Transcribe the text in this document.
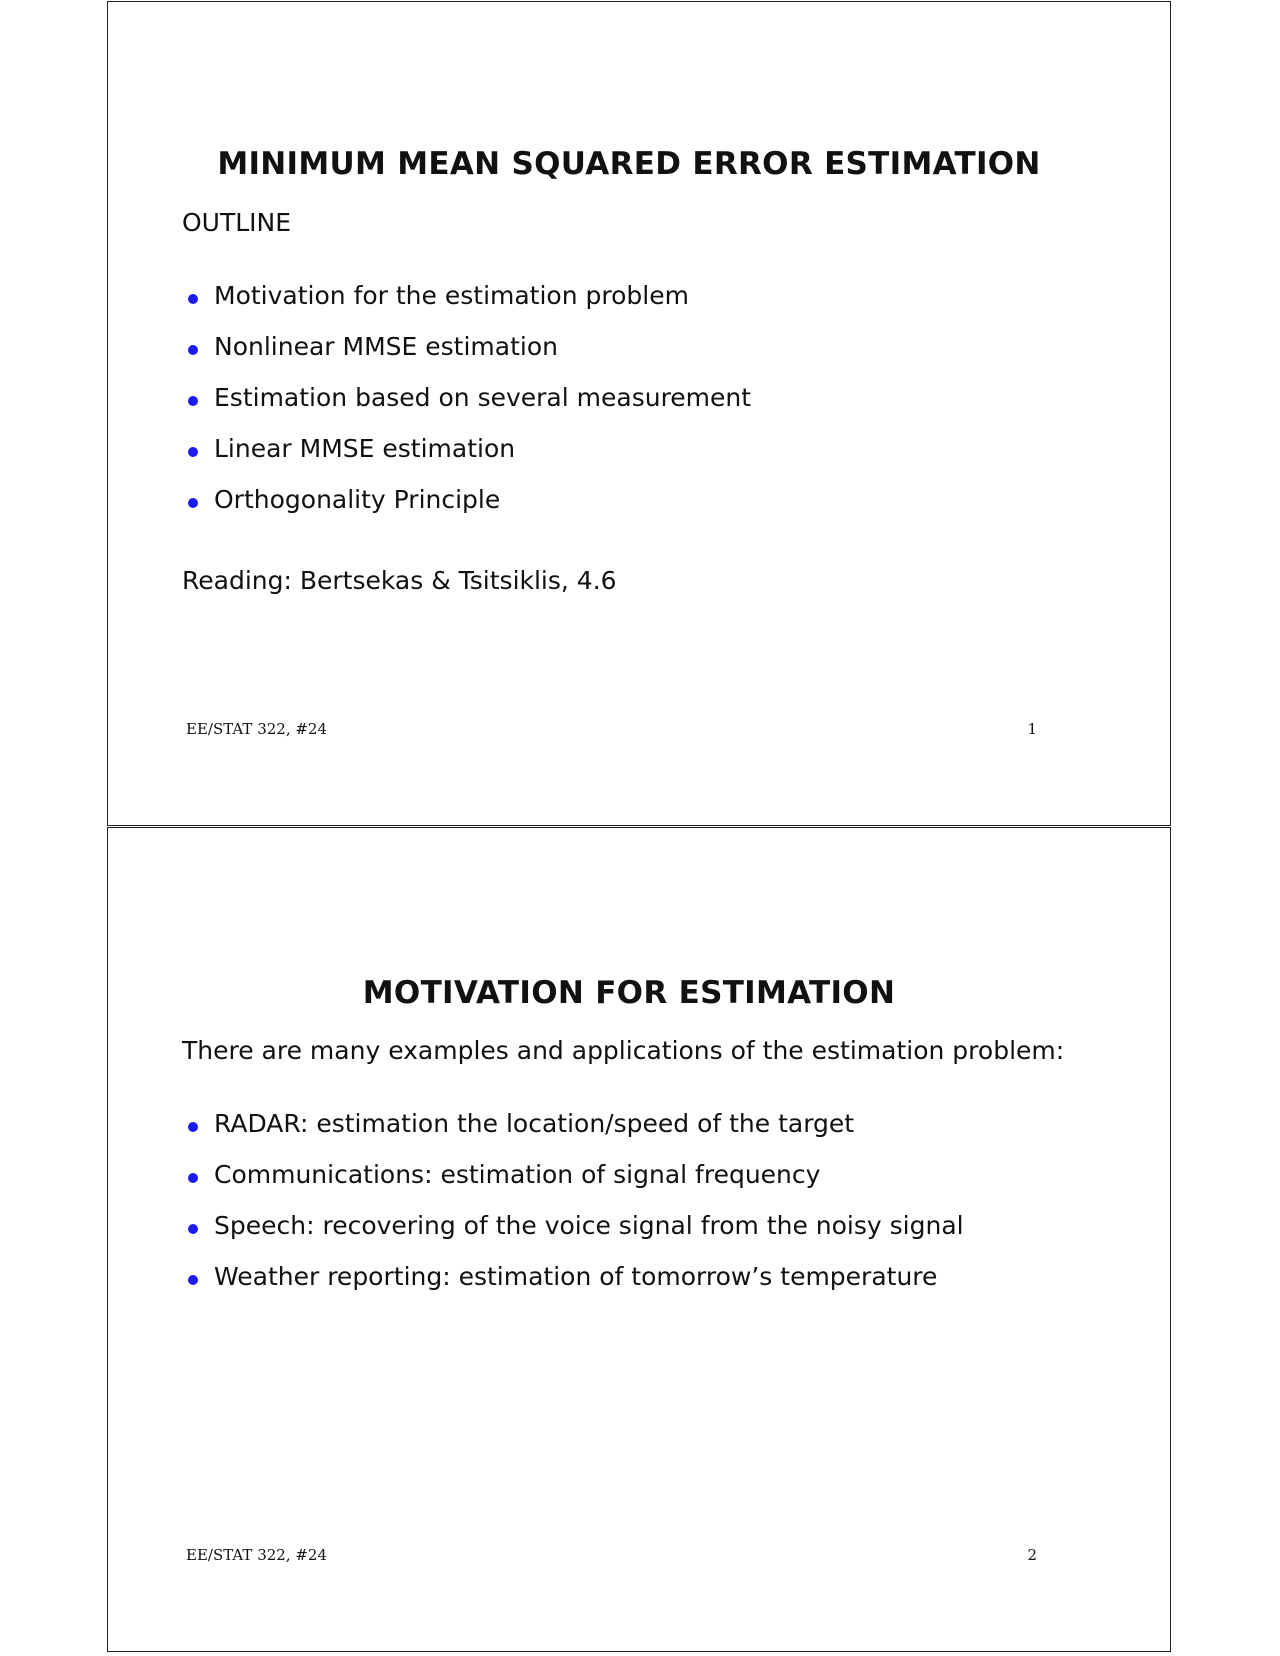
MINIMUM MEAN SQUARED ERROR ESTIMATION

OUTLINE

Motivation for the estimation problem
Nonlinear MMSE estimation
Estimation based on several measurement
Linear MMSE estimation
Orthogonality Principle

Reading: Bertsekas & Tsitsiklis, 4.6

EE/STAT 322, #24	1
MOTIVATION FOR ESTIMATION

There are many examples and applications of the estimation problem:

RADAR: estimation the location/speed of the target
Communications: estimation of signal frequency
Speech: recovering of the voice signal from the noisy signal
Weather reporting: estimation of tomorrow’s temperature
EE/STAT 322, #24	2
